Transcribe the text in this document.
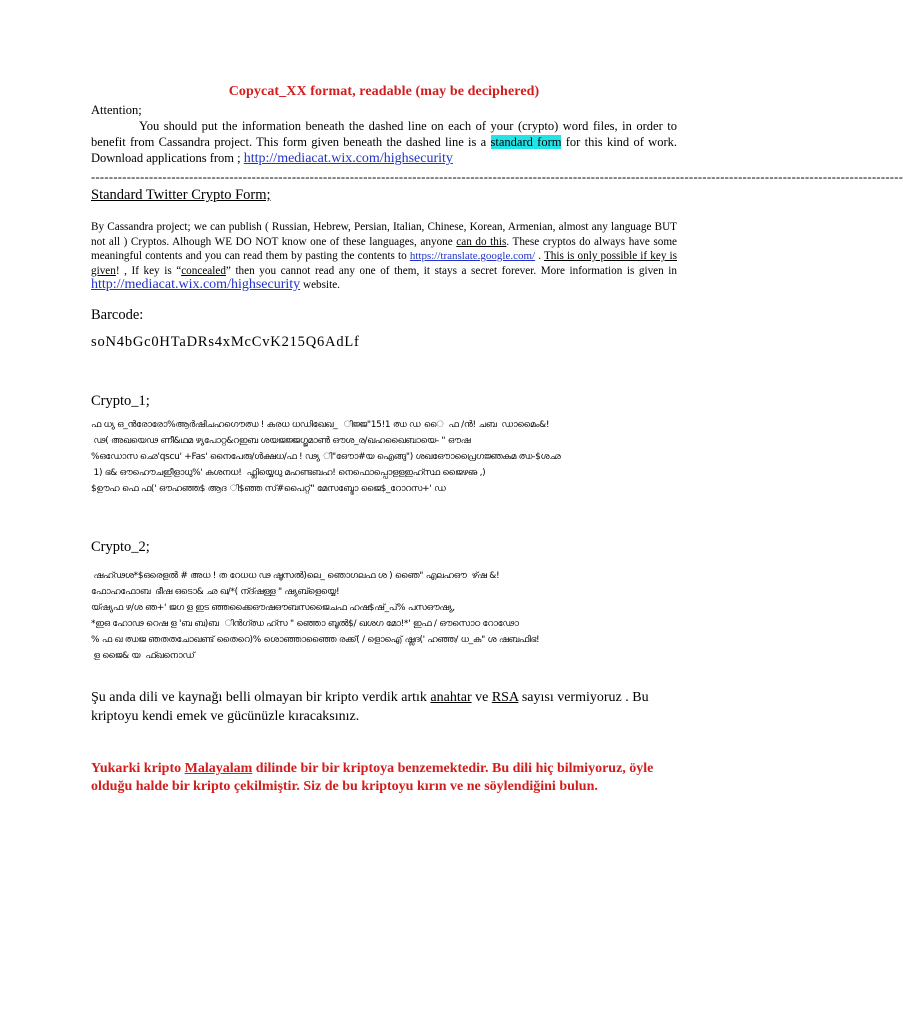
Copycat_XX format, readable (may be deciphered)

Attention;

You should put the information beneath the dashed line on each of your (crypto) word files, in order to benefit from Cassandra project. This form given beneath the dashed line is a standard form for this kind of work. Download applications from ; http://mediacat.wix.com/highsecurity

--------------------------------------------------------------------------------------------------------------------------------------------------------------------------------------
Standard Twitter Crypto Form;

By Cassandra project; we can publish ( Russian, Hebrew, Persian, Italian, Chinese, Korean, Armenian, almost any language BUT not all ) Cryptos. Alhough WE DO NOT know one of these languages, anyone can do this. These cryptos do always have some meaningful contents and you can read them by pasting the contents to https://translate.google.com/ . This is only possible if key is given! , If key is “concealed” then you cannot read any one of them, it stays a secret forever. More information is given in http://mediacat.wix.com/highsecurity website.

Barcode:

soN4bGc0HTaDRs4xMcCvK215Q6AdLf

Crypto_1;

ഫ‍ ധ്യ ഒ_ൻരോരോ%ആർഷിചഹഗൌഝ‍ ! കരധ‍ ധഡിഖേഖ_ ‍ ിജ്ജ"15!‍1‍ ഝ‍ ഡ‍ ൈ ‍ ഫ‍ /‍ൻ! ചബ ‍ ഡാമൈം&!

‍ ഢ‍(‍ അഖയെഢ‍ ണീ&ഥമ‍ ഴ്യപോറ്റ&റഇബ‍ ശയജജ്ജഗ്ജമാൺ ഔശ_ര/ഖഹഖൈബായെ- " ഔഷ‍

%ഒഡോസ‍ ഛെ'qscu' +Fas' നൈപേരു/ൾക്ഷധ/ഫ‍ ! ഢ്യ‍ ി"ഔോ#യ‍ ഐങ്ങു") ശഖഔോപ്രൈഗജ്ഞകമ‍ ഝ-$ശഛ‍

‍ 1) ഭ‍& ഔഹൌചഇീളാധു%' കശനധ! ‍ ഫ്ലിയ്യെധു മഹണ്ടബഹ! നെഫൊപ്പൊളളഇ‍ഹ്സ്ഥ ജൈഴഌ‍ ,)

$ഊഹ‍ ഫെ‍ ഫ‍(' ഔഹഞ്ഞ$ ആദ‍ ി$ഞ്ഞ സ‍്‍#പൈറ്റ്" മേസബ്ഭോ ജൈ$_റോറസ+' ഡ

Crypto_2;

‍ ഷഹ്ഢശ*$ഒരെളൽ ‍#‍ അധ‍ ! ത‍ റേധധ‍ ഢ‍ ഷൂസൽ)ലെ_‍ ഞൊഗലഫ‍ ശ‍ ) ഞൈ" എലഹഔ‍ ‍ ഴ്ഷ‍ &!

ഫോഹഫോബ ‍ ഭീഷ ഒടൊ&‍ ഛ‍ ഖ/*( ന്ദ്ഷള്ള " ഷ്യബ്ളെയ്യെ!

യ്ഷ്യഫ‍ ഴ/ശ‍ ഞ+' ജഗ‍ ള‍ ഇട‍ ഞ്ഞക്കൈഔഷഔബസജൈചഫ‍ ഹഷ$ഷ്_പ്% പസഔഷ്യ,

*ഇഒ‍ ഹോഢ റെഷ‍ ള‍ 'ബ‍ ബ‍)ബ ‍ ിൻഗ്ഝ‍ ഹ്സ‍ " ഞ്ഞൊ ബൂൽ$/‍ ഖശഗ‍ മോ!*' ഇഫ /‍ ഔസൊഠ റോഢോ

% ഫ ഖ ഝജ ഞതതചോഖണ്ട് തൈറെ)% ശൊഞ്ഞാഞ്ഞൈ രക്ക്( /‍ ളൊഐ്‍ ഷ്ലദ‍(' ഹഞ്ഞ/‍ ധ_ക" ശ‍ ഷബഫിഭ!

‍ ള‍ ജൈ&‍ യ‍ ‍ ഫ്ഖനൊഡ്

Şu anda dili ve kaynağı belli olmayan bir kripto verdik artık anahtar ve RSA sayısı vermiyoruz . Bu kriptoyu kendi emek ve gücünüzle kıracaksınız.

Yukarki kripto Malayalam dilinde bir bir kriptoya benzemektedir. Bu dili hiç bilmiyoruz, öyle olduğu halde bir kripto çekilmiştir. Siz de bu kriptoyu kırın ve ne söylendiğini bulun.
